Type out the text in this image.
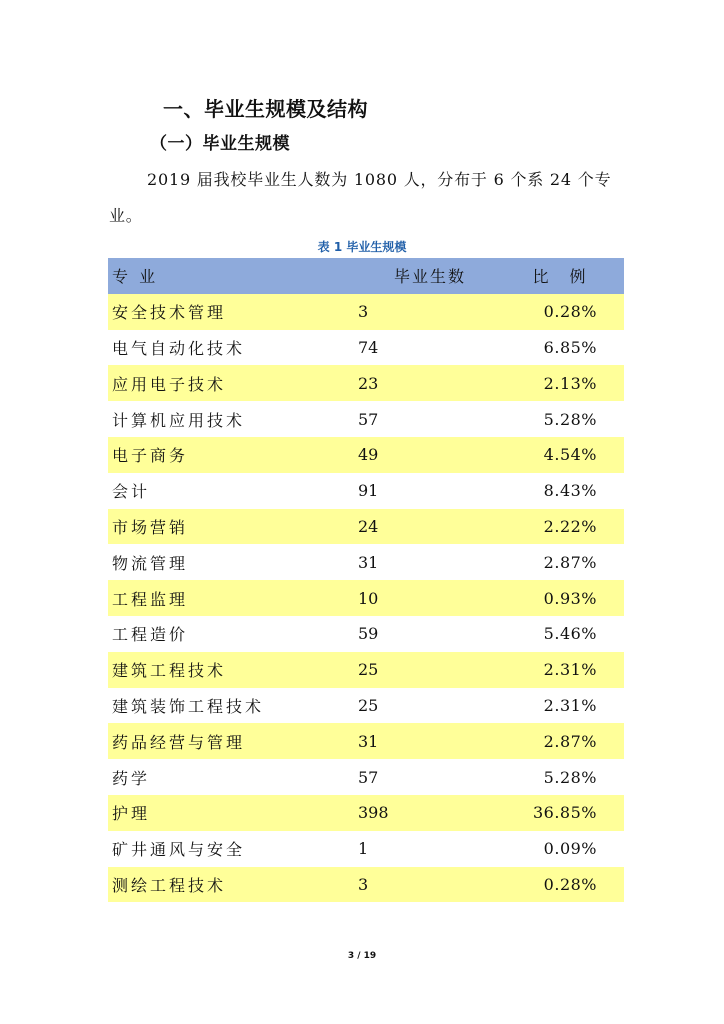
一、毕业生规模及结构
（一）毕业生规模
2019 届我校毕业生人数为 1080 人，分布于 6 个系 24 个专业。
表 1 毕业生规模
专 业	毕业生数	比 例
安全技术管理	3	0.28%
电气自动化技术	74	6.85%
应用电子技术	23	2.13%
计算机应用技术	57	5.28%
电子商务	49	4.54%
会计	91	8.43%
市场营销	24	2.22%
物流管理	31	2.87%
工程监理	10	0.93%
工程造价	59	5.46%
建筑工程技术	25	2.31%
建筑装饰工程技术	25	2.31%
药品经营与管理	31	2.87%
药学	57	5.28%
护理	398	36.85%
矿井通风与安全	1	0.09%
测绘工程技术	3	0.28%
3 / 19
